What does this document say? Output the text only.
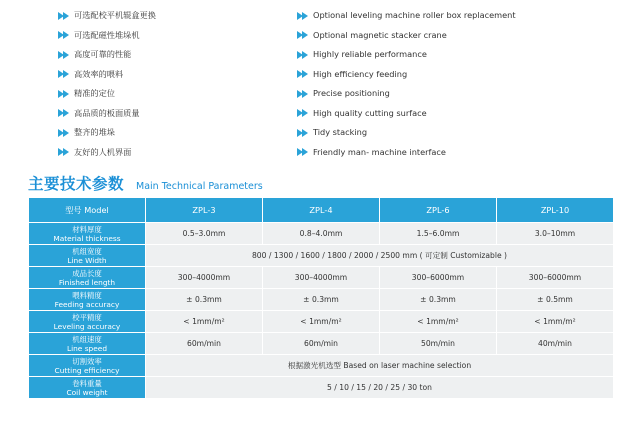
可选配校平机辊盒更换
可选配磁性堆垛机
高度可靠的性能
高效率的喂料
精准的定位
高品质的板面质量
整齐的堆垛
友好的人机界面
Optional leveling machine roller box replacement
Optional magnetic stacker crane
Highly reliable performance
High efficiency feeding
Precise positioning
High quality cutting surface
Tidy stacking
Friendly man- machine interface
主要技术参数 Main Technical Parameters
型号 Model	ZPL-3	ZPL-4	ZPL-6	ZPL-10

材料厚度
Material thickness	0.5–3.0mm	0.8–4.0mm	1.5–6.0mm	3.0–10mm

机组宽度
Line Width	800 / 1300 / 1600 / 1800 / 2000 / 2500 mm ( 可定制 Customizable )			

成品长度
Finished length	300–4000mm	300–4000mm	300–6000mm	300–6000mm

喂料精度
Feeding accuracy	± 0.3mm	± 0.3mm	± 0.3mm	± 0.5mm

校平精度
Leveling accuracy	< 1mm/m²	< 1mm/m²	< 1mm/m²	< 1mm/m²

机组速度
Line speed	60m/min	60m/min	50m/min	40m/min

切割效率
Cutting efficiency	根据激光机选型 Based on laser machine selection			

卷料重量
Coil weight	5 / 10 / 15 / 20 / 25 / 30 ton			
